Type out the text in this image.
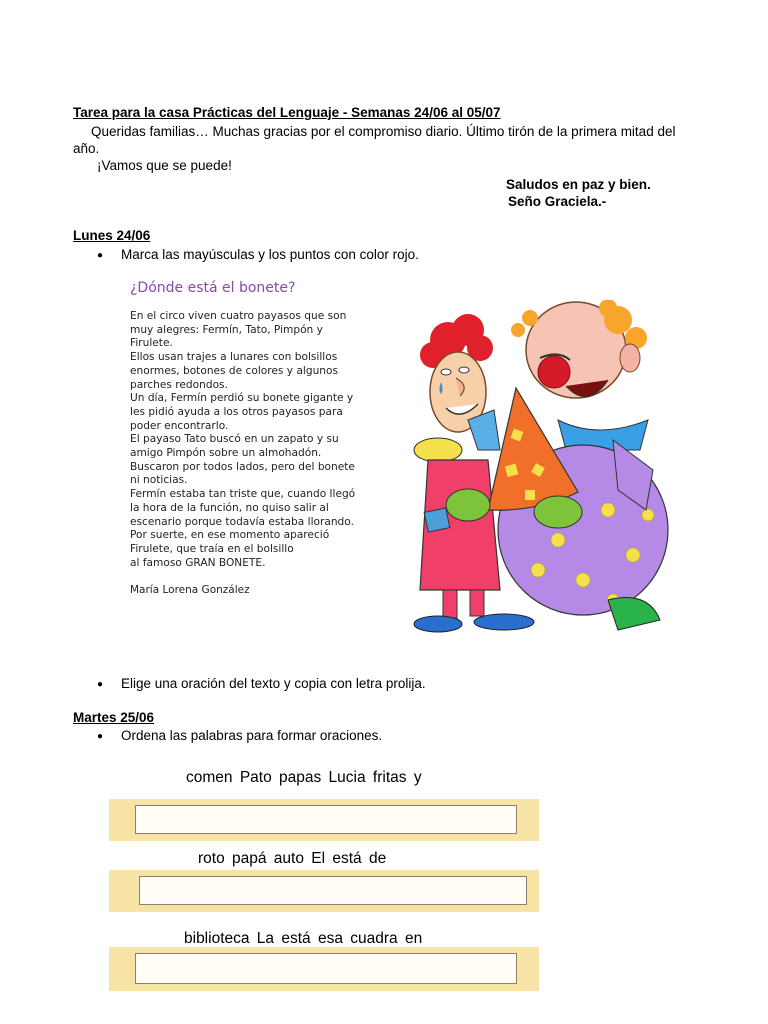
Tarea para la casa Prácticas del Lenguaje - Semanas 24/06 al 05/07
Queridas familias… Muchas gracias por el compromiso diario. Último tirón de la primera mitad del año.
¡Vamos que se puede!
Saludos en paz y bien.
Seño Graciela.-
Lunes 24/06
● Marca las mayúsculas y los puntos con color rojo.
¿Dónde está el bonete?

En el circo viven cuatro payasos que son

muy alegres: Fermín, Tato, Pimpón y

Firulete.

Ellos usan trajes a lunares con bolsillos

enormes, botones de colores y algunos

parches redondos.

Un día, Fermín perdió su bonete gigante y

les pidió ayuda a los otros payasos para

poder encontrarlo.

El payaso Tato buscó en un zapato y su

amigo Pimpón sobre un almohadón.

Buscaron por todos lados, pero del bonete

ni noticias.

Fermín estaba tan triste que, cuando llegó

la hora de la función, no quiso salir al

escenario porque todavía estaba llorando.

Por suerte, en ese momento apareció

Firulete, que traía en el bolsillo

al famoso GRAN BONETE.

María Lorena González
● Elige una oración del texto y copia con letra prolija.
Martes 25/06
● Ordena las palabras para formar oraciones.
comen Pato papas Lucia fritas y
roto papá auto El está de
biblioteca La está esa cuadra en
